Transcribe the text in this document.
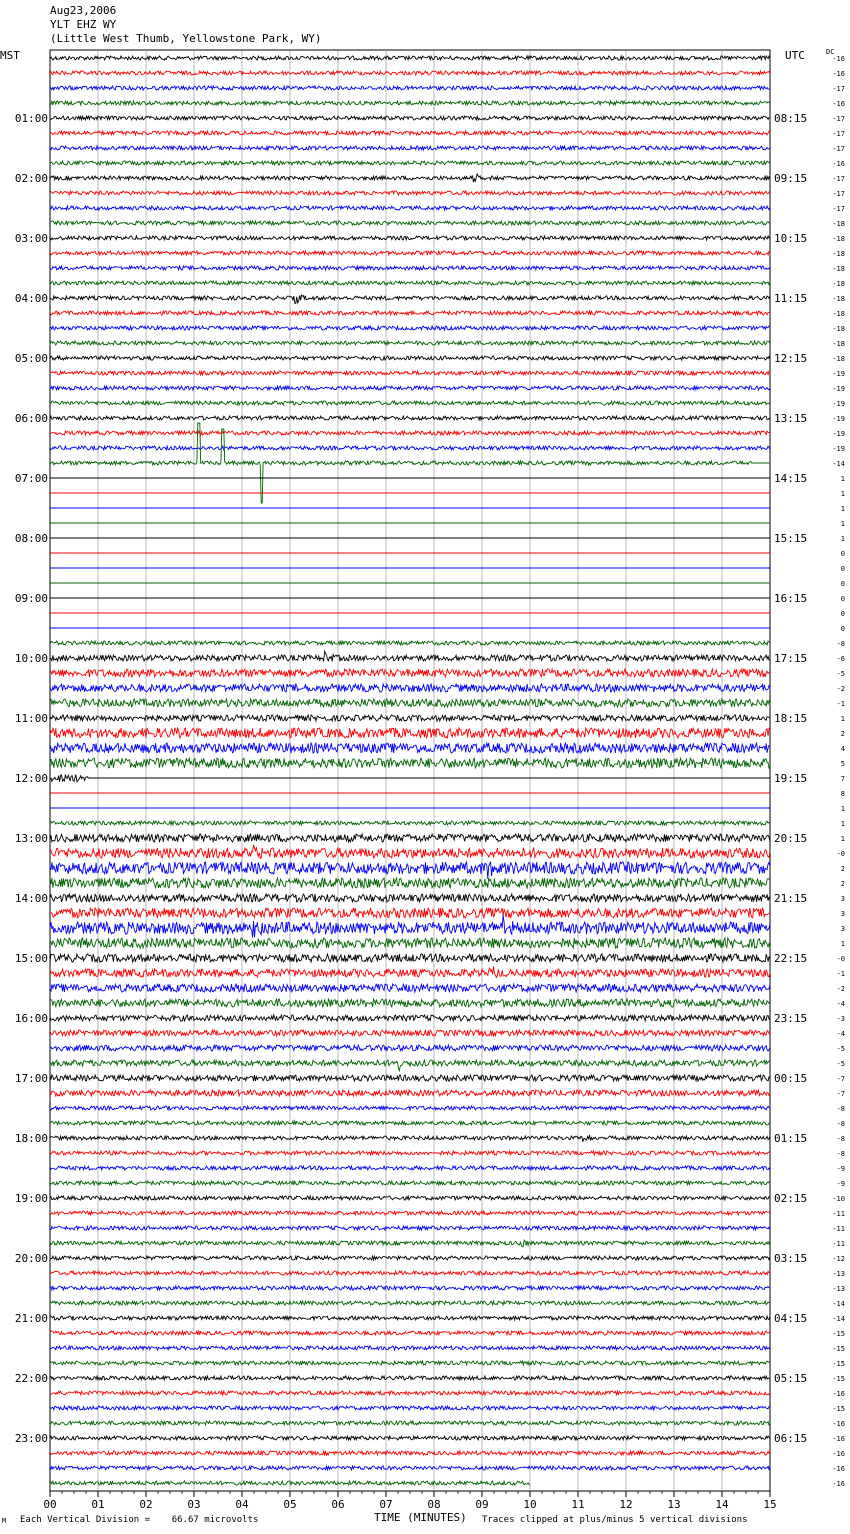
Aug23,2006
YLT EHZ WY
(Little West Thumb, Yellowstone Park, WY)
MST	UTC	DC
00	01	02	03	04	05	06	07	08	09	10	11	12	13	14	15
01:00
02:00
03:00
04:00
05:00
06:00
07:00
08:00
09:00
10:00
11:00
12:00
13:00
14:00
15:00
16:00
17:00
18:00
19:00
20:00
21:00
22:00
23:00
08:15
09:15
10:15
11:15
12:15
13:15
14:15
15:15
16:15
17:15
18:15
19:15
20:15
21:15
22:15
23:15
00:15
01:15
02:15
03:15
04:15
05:15
06:15
-16
-16
-17
-16
-17
-17
-17
-16
-17
-17
-17
-18
-18
-18
-18
-18
-18
-18
-18
-18
-18
-19
-19
-19
-19
-19
-19
-14
1
1
1
1
1
0
0
0
0
0
0
-8
-6
-5
-2
-1
1
2
4
5
7
8
1
1
1
-0
2
2
3
3
3
1
-0
-1
-2
-4
-3
-4
-5
-5
-7
-7
-8
-8
-8
-8
-9
-9
-10
-11
-11
-11
-12
-13
-13
-14
-14
-15
-15
-15
-15
-16
-15
-16
-16
-16
-16
-16
M Each Vertical Division =    66.67 microvolts	TIME (MINUTES) Traces clipped at plus/minus 5 vertical divisions
